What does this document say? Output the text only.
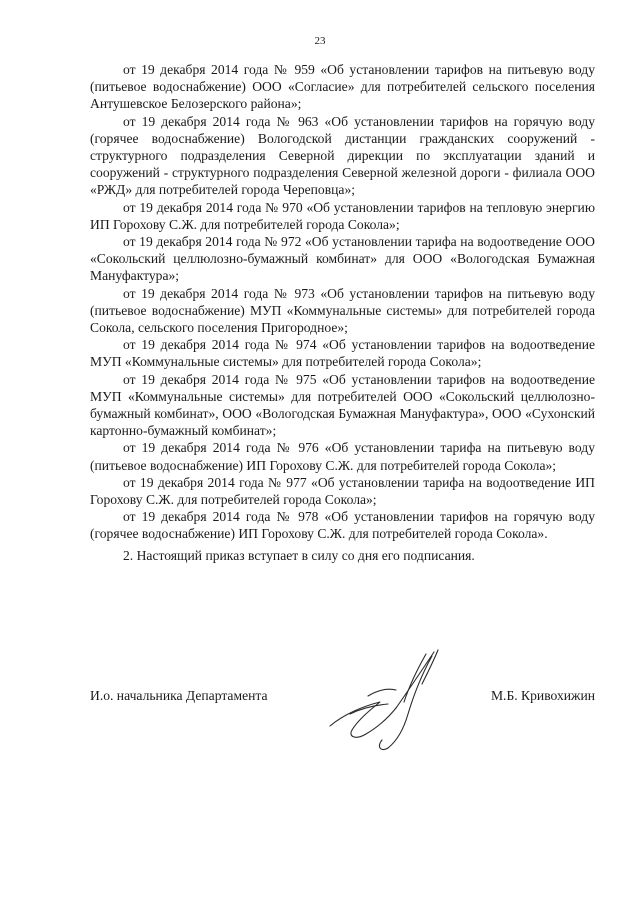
23

от 19 декабря 2014 года № 959 «Об установлении тарифов на питьевую воду (питьевое водоснабжение) ООО «Согласие» для потребителей сельского поселения Антушевское Белозерского района»;

от 19 декабря 2014 года № 963 «Об установлении тарифов на горячую воду (горячее водоснабжение) Вологодской дистанции гражданских сооружений - структурного подразделения Северной дирекции по эксплуатации зданий и сооружений - структурного подразделения Северной железной дороги - филиала ООО «РЖД» для потребителей города Череповца»;

от 19 декабря 2014 года № 970 «Об установлении тарифов на тепловую энергию ИП Горохову С.Ж. для потребителей города Сокола»;

от 19 декабря 2014 года № 972 «Об установлении тарифа на водоотведение ООО «Сокольский целлюлозно-бумажный комбинат» для ООО «Вологодская Бумажная Мануфактура»;

от 19 декабря 2014 года № 973 «Об установлении тарифов на питьевую воду (питьевое водоснабжение) МУП «Коммунальные системы» для потребителей города Сокола, сельского поселения Пригородное»;

от 19 декабря 2014 года № 974 «Об установлении тарифов на водоотведение МУП «Коммунальные системы» для потребителей города Сокола»;

от 19 декабря 2014 года № 975 «Об установлении тарифов на водоотведение МУП «Коммунальные системы» для потребителей ООО «Сокольский целлюлозно-бумажный комбинат», ООО «Вологодская Бумажная Мануфактура», ООО «Сухонский картонно-бумажный комбинат»;

от 19 декабря 2014 года № 976 «Об установлении тарифа на питьевую воду (питьевое водоснабжение) ИП Горохову С.Ж. для потребителей города Сокола»;

от 19 декабря 2014 года № 977 «Об установлении тарифа на водоотведение ИП Горохову С.Ж. для потребителей города Сокола»;

от 19 декабря 2014 года № 978 «Об установлении тарифов на горячую воду (горячее водоснабжение) ИП Горохову С.Ж. для потребителей города Сокола».

2. Настоящий приказ вступает в силу со дня его подписания.

И.о. начальника Департамента	М.Б. Кривохижин
